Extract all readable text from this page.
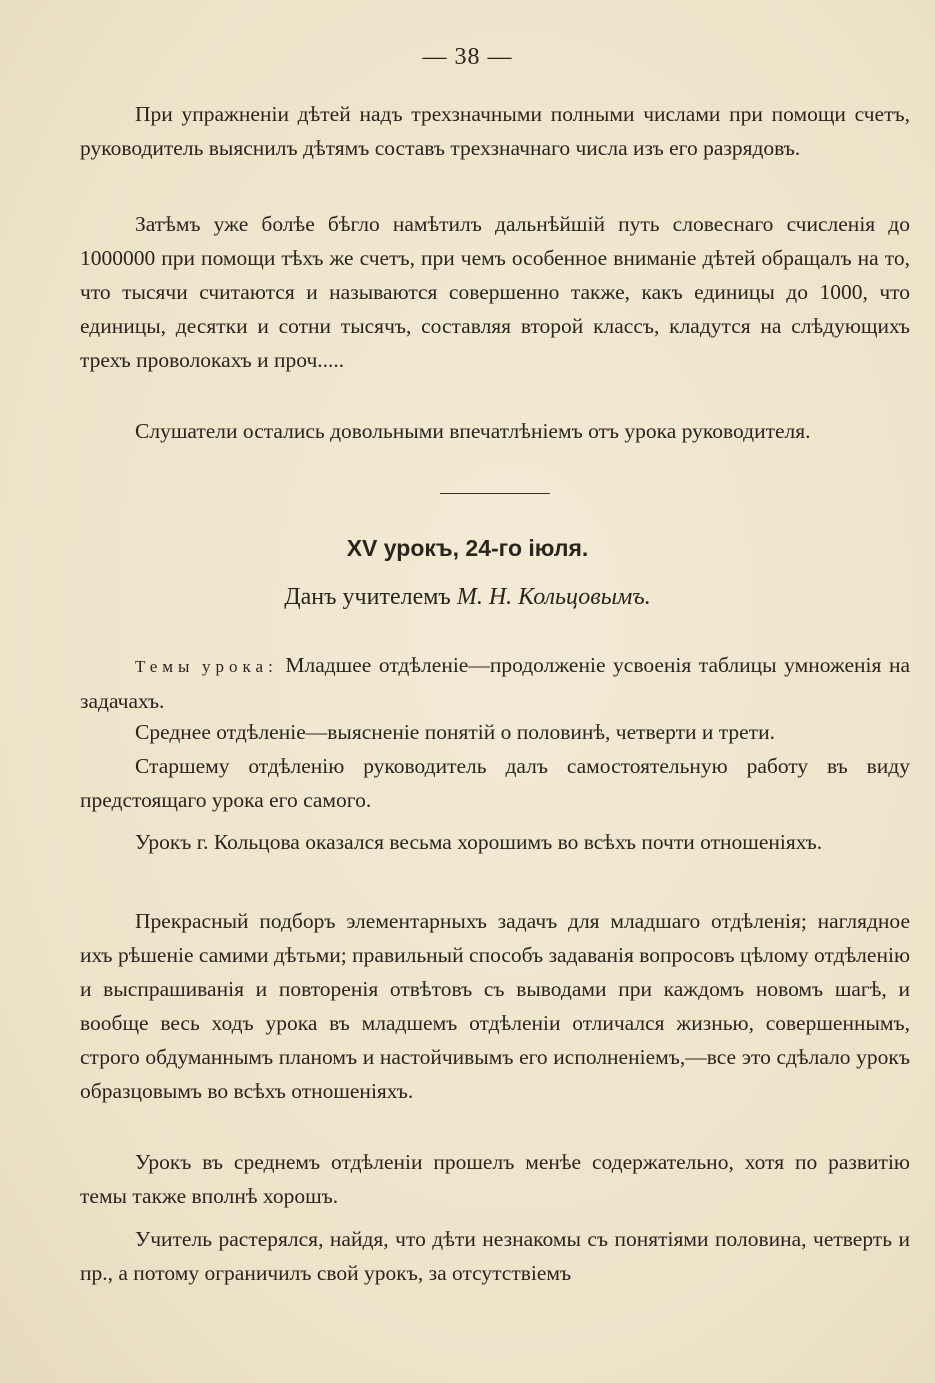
— 38 —

При упражненіи дѣтей надъ трехзначными полными числами при помощи счетъ, руководитель выяснилъ дѣтямъ составъ трехзначнаго числа изъ его разрядовъ.

Затѣмъ уже болѣе бѣгло намѣтилъ дальнѣйшій путь словеснаго счисленія до 1000000 при помощи тѣхъ же счетъ, при чемъ особенное вниманіе дѣтей обращалъ на то, что тысячи считаются и называются совершенно также, какъ единицы до 1000, что единицы, десятки и сотни тысячъ, составляя второй классъ, кладутся на слѣдующихъ трехъ проволокахъ и проч.....

Слушатели остались довольными впечатлѣніемъ отъ урока руководителя.

XV урокъ, 24-го іюля.
Данъ учителемъ М. Н. Кольцовымъ.

Темы урока: Младшее отдѣленіе—продолженіе усвоенія таблицы умноженія на задачахъ.

Среднее отдѣленіе—выясненіе понятій о половинѣ, четверти и трети.

Старшему отдѣленію руководитель далъ самостоятельную работу въ виду предстоящаго урока его самого.

Урокъ г. Кольцова оказался весьма хорошимъ во всѣхъ почти отношеніяхъ.

Прекрасный подборъ элементарныхъ задачъ для младшаго отдѣленія; наглядное ихъ рѣшеніе самими дѣтьми; правильный способъ задаванія вопросовъ цѣлому отдѣленію и выспрашиванія и повторенія отвѣтовъ съ выводами при каждомъ новомъ шагѣ, и вообще весь ходъ урока въ младшемъ отдѣленіи отличался жизнью, совершеннымъ, строго обдуманнымъ планомъ и настойчивымъ его исполненіемъ,—все это сдѣлало урокъ образцовымъ во всѣхъ отношеніяхъ.

Урокъ въ среднемъ отдѣленіи прошелъ менѣе содержательно, хотя по развитію темы также вполнѣ хорошъ.

Учитель растерялся, найдя, что дѣти незнакомы съ понятіями половина, четверть и пр., а потому ограничилъ свой урокъ, за отсутствіемъ
